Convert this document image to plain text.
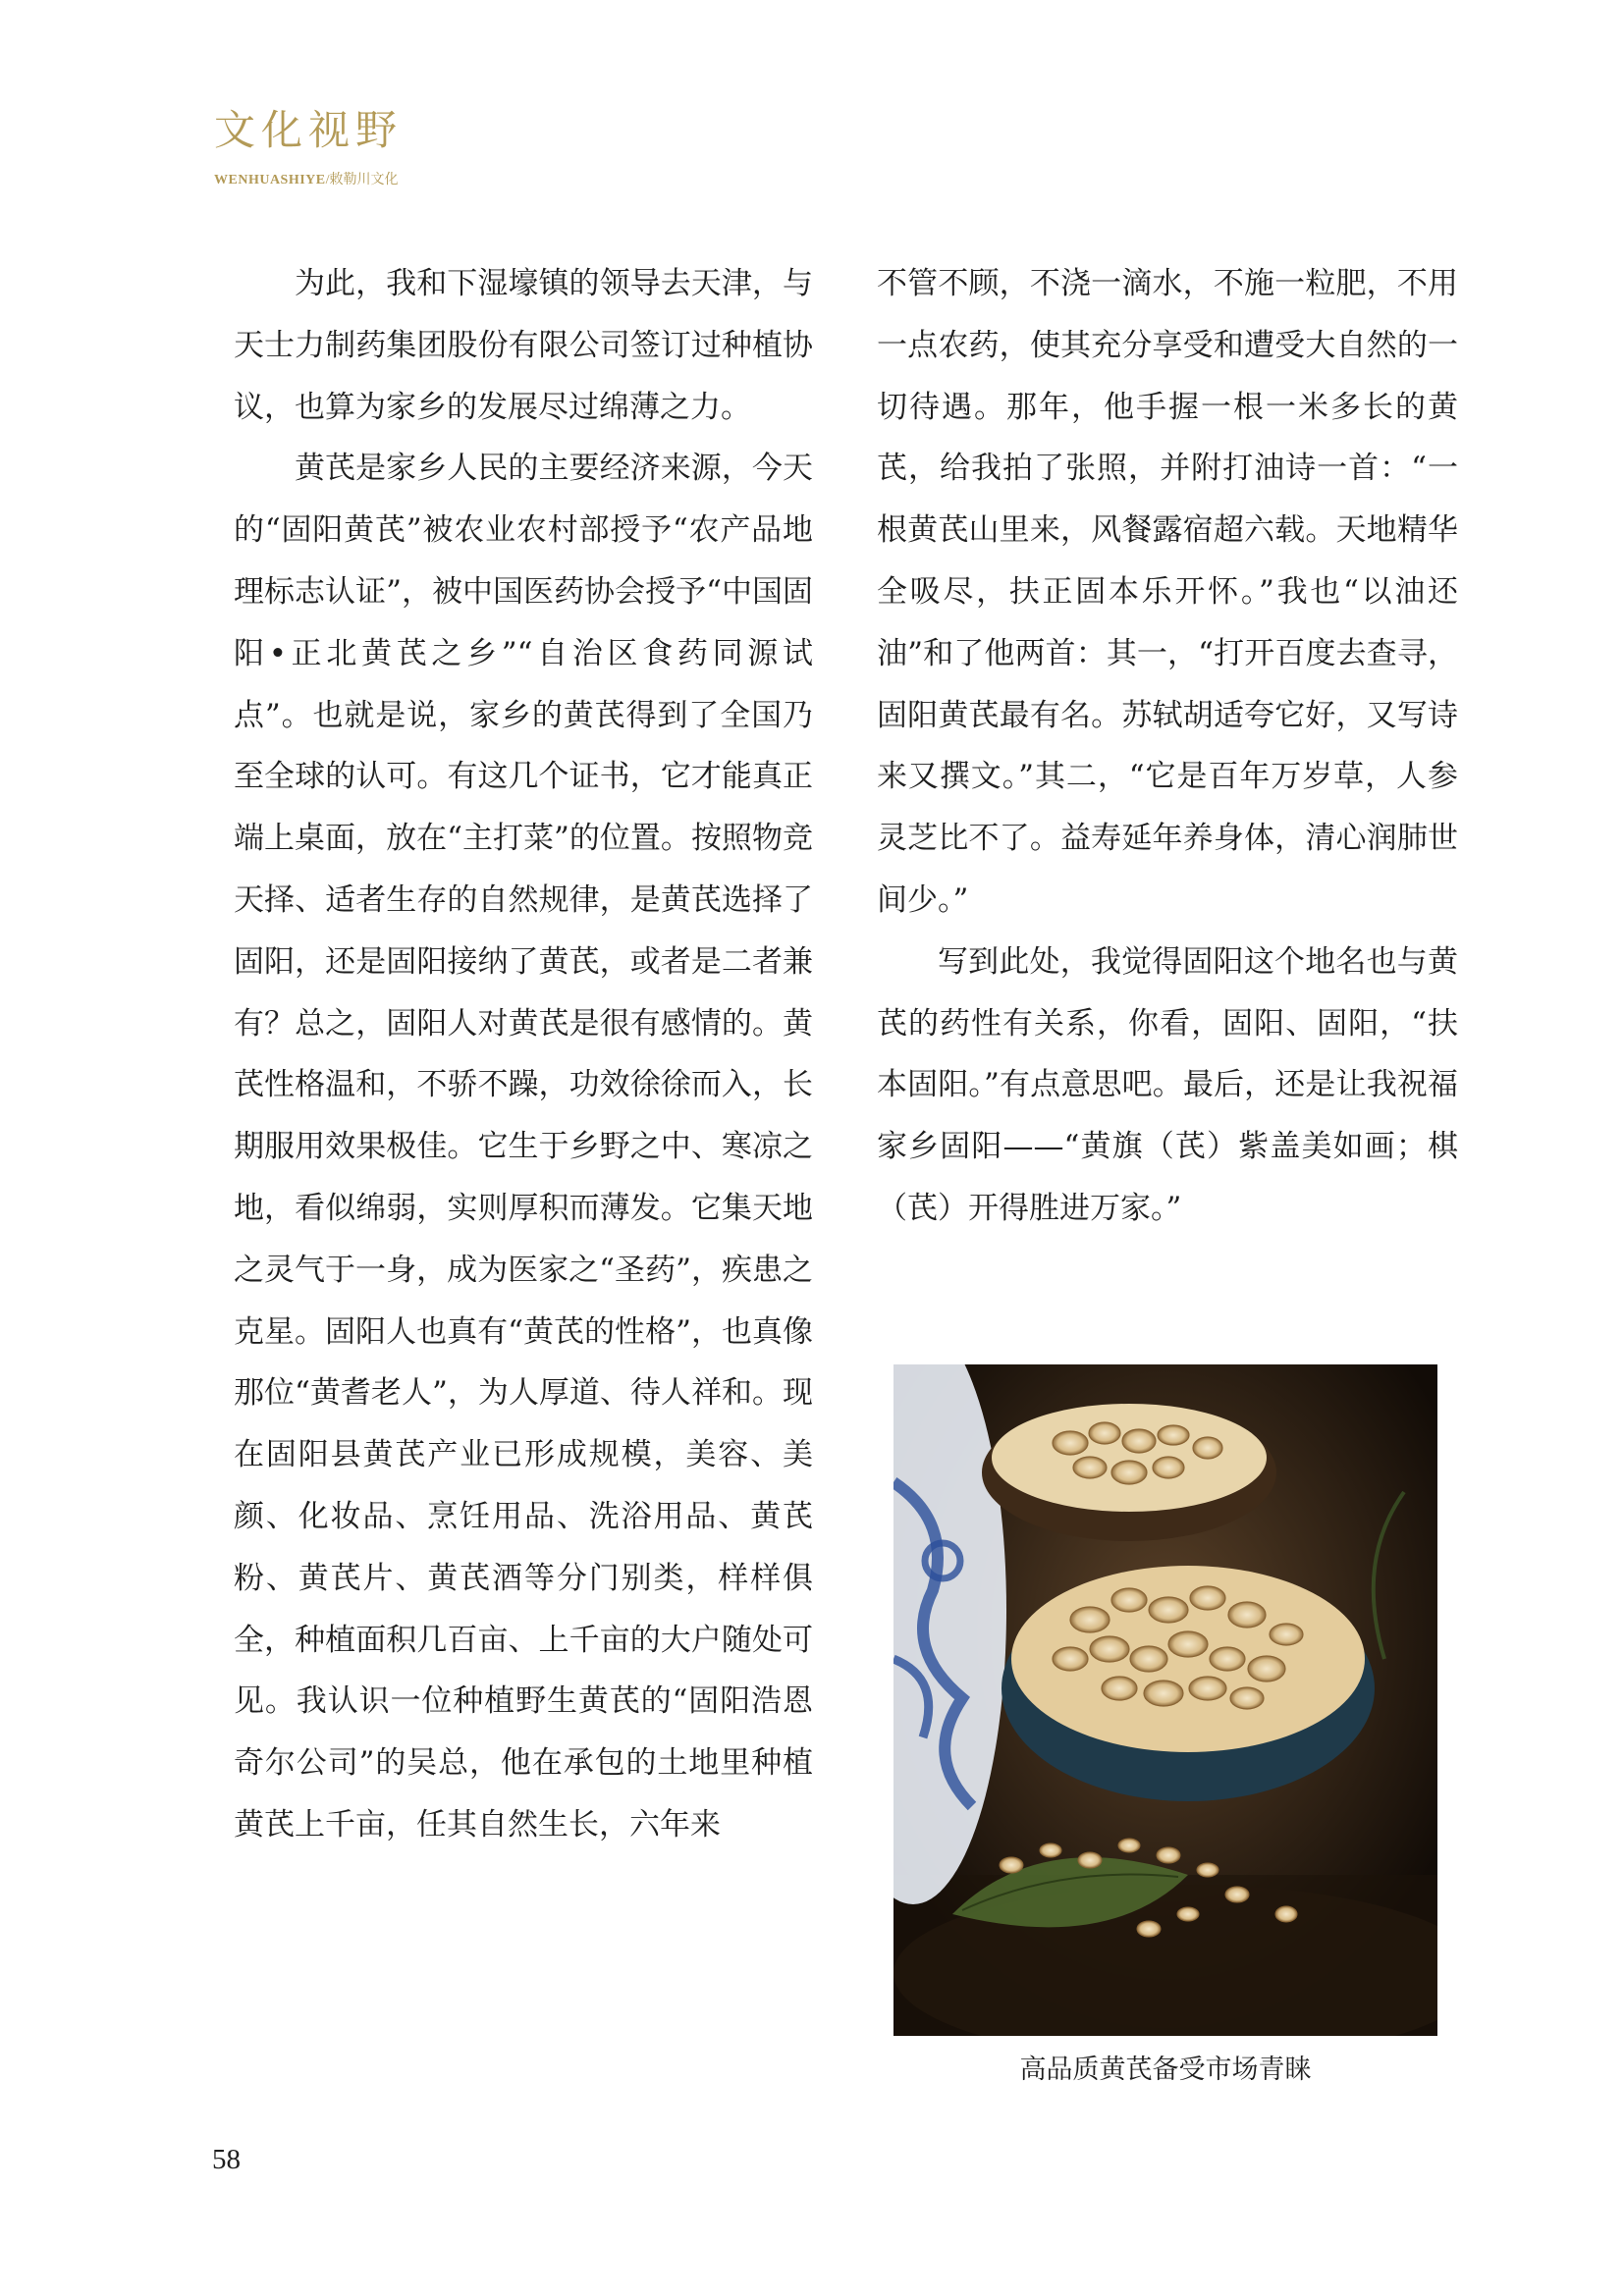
文化视野
WENHUASHIYE/敕勒川文化

为此，我和下湿壕镇的领导去天津，与天士力制药集团股份有限公司签订过种植协议，也算为家乡的发展尽过绵薄之力。

黄芪是家乡人民的主要经济来源，今天的“固阳黄芪”被农业农村部授予“农产品地理标志认证”，被中国医药协会授予“中国固阳•正北黄芪之乡”“自治区食药同源试点”。也就是说，家乡的黄芪得到了全国乃至全球的认可。有这几个证书，它才能真正端上桌面，放在“主打菜”的位置。按照物竞天择、适者生存的自然规律，是黄芪选择了固阳，还是固阳接纳了黄芪，或者是二者兼有？总之，固阳人对黄芪是很有感情的。黄芪性格温和，不骄不躁，功效徐徐而入，长期服用效果极佳。它生于乡野之中、寒凉之地，看似绵弱，实则厚积而薄发。它集天地之灵气于一身，成为医家之“圣药”，疾患之克星。固阳人也真有“黄芪的性格”，也真像那位“黄耆老人”，为人厚道、待人祥和。现在固阳县黄芪产业已形成规模，美容、美颜、化妆品、烹饪用品、洗浴用品、黄芪粉、黄芪片、黄芪酒等分门别类，样样俱全，种植面积几百亩、上千亩的大户随处可见。我认识一位种植野生黄芪的“固阳浩恩奇尔公司”的吴总，他在承包的土地里种植黄芪上千亩，任其自然生长，六年来

不管不顾，不浇一滴水，不施一粒肥，不用一点农药，使其充分享受和遭受大自然的一切待遇。那年，他手握一根一米多长的黄芪，给我拍了张照，并附打油诗一首：“一根黄芪山里来，风餐露宿超六载。天地精华全吸尽，扶正固本乐开怀。”我也“以油还油”和了他两首：其一，“打开百度去查寻，固阳黄芪最有名。苏轼胡适夸它好，又写诗来又撰文。”其二，“它是百年万岁草，人参灵芝比不了。益寿延年养身体，清心润肺世间少。”

写到此处，我觉得固阳这个地名也与黄芪的药性有关系，你看，固阳、固阳，“扶本固阳。”有点意思吧。最后，还是让我祝福家乡固阳——“黄旗（芪）紫盖美如画；棋（芪）开得胜进万家。”

高品质黄芪备受市场青睐
58
